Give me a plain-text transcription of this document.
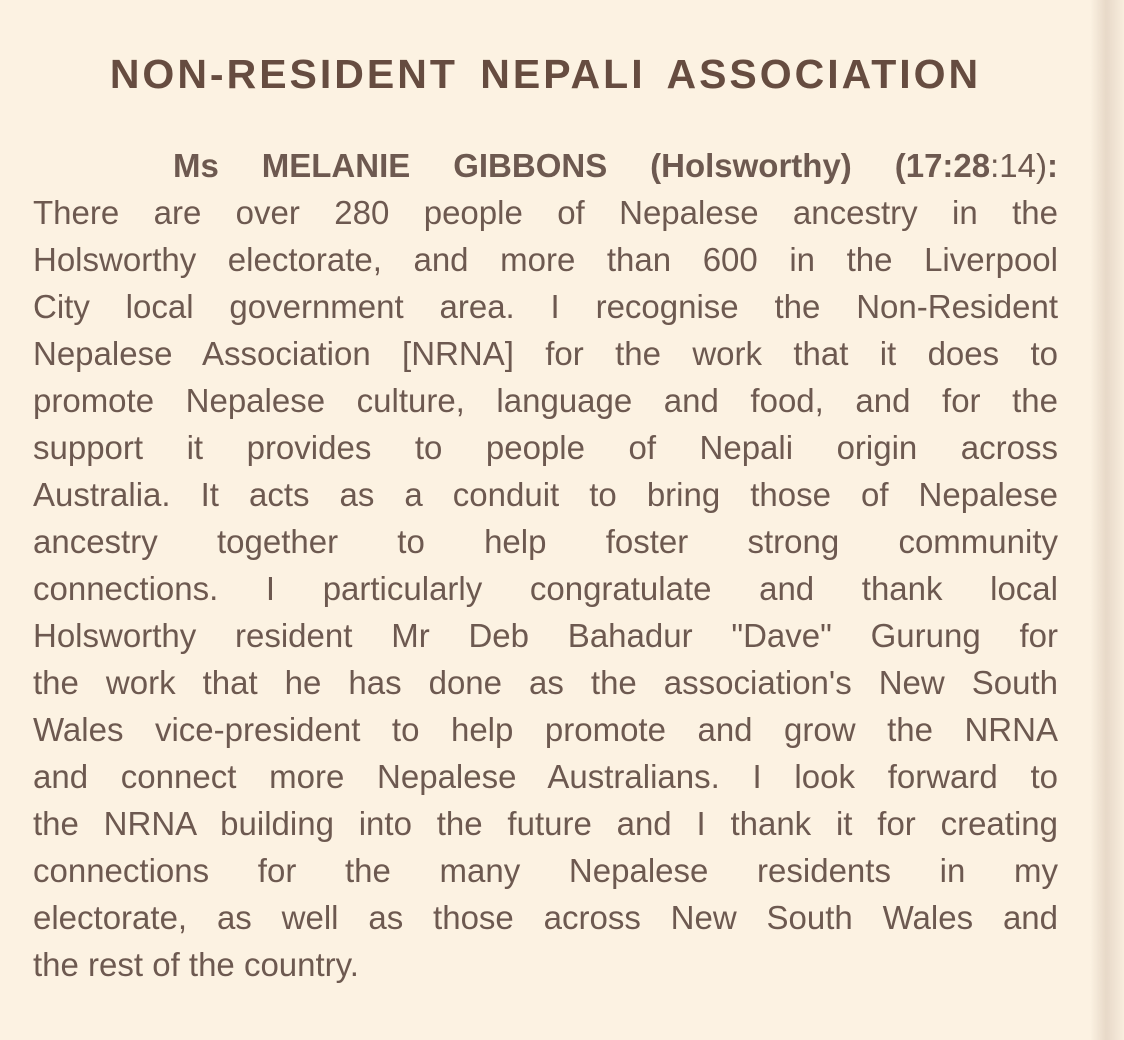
NON-RESIDENT NEPALI ASSOCIATION
Ms MELANIE GIBBONS (Holsworthy) (17:28:14):
There are over 280 people of Nepalese ancestry in the
Holsworthy electorate, and more than 600 in the Liverpool
City local government area. I recognise the Non-Resident
Nepalese Association [NRNA] for the work that it does to
promote Nepalese culture, language and food, and for the
support it provides to people of Nepali origin across
Australia. It acts as a conduit to bring those of Nepalese
ancestry together to help foster strong community
connections. I particularly congratulate and thank local
Holsworthy resident Mr Deb Bahadur "Dave" Gurung for
the work that he has done as the association's New South
Wales vice-president to help promote and grow the NRNA
and connect more Nepalese Australians. I look forward to
the NRNA building into the future and I thank it for creating
connections for the many Nepalese residents in my
electorate, as well as those across New South Wales and
the rest of the country.
